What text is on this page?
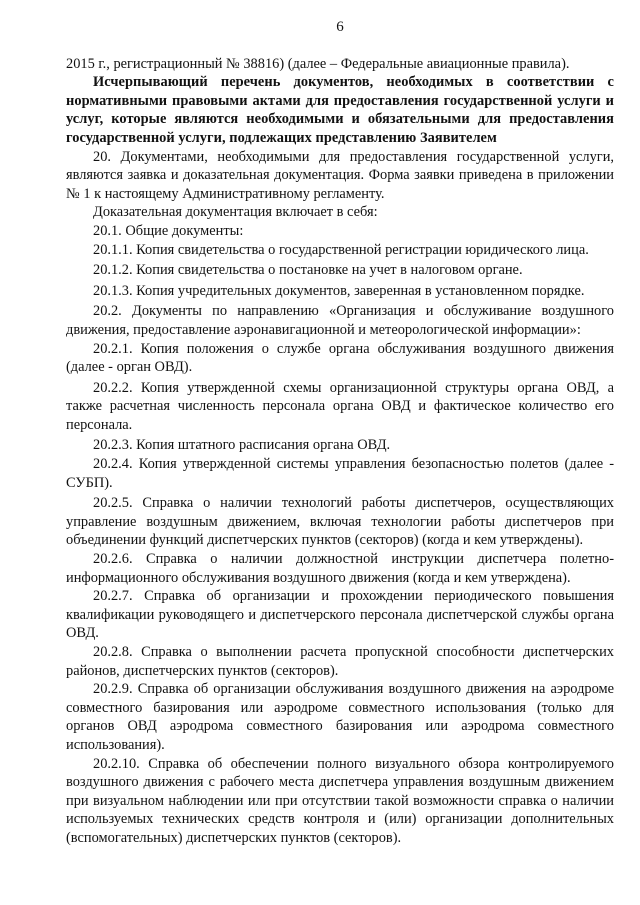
6

2015 г., регистрационный № 38816) (далее – Федеральные авиационные правила).

Исчерпывающий перечень документов, необходимых в соответствии с нормативными правовыми актами для предоставления государственной услуги и услуг, которые являются необходимыми и обязательными для предоставления государственной услуги, подлежащих представлению Заявителем

20. Документами, необходимыми для предоставления государственной услуги, являются заявка и доказательная документация. Форма заявки приведена в приложении № 1 к настоящему Административному регламенту.

Доказательная документация включает в себя:

20.1. Общие документы:

20.1.1. Копия свидетельства о государственной регистрации юридического лица.

20.1.2. Копия свидетельства о постановке на учет в налоговом органе.

20.1.3. Копия учредительных документов, заверенная в установленном порядке.

20.2. Документы по направлению «Организация и обслуживание воздушного движения, предоставление аэронавигационной и метеорологической информации»:

20.2.1. Копия положения о службе органа обслуживания воздушного движения (далее - орган ОВД).

20.2.2. Копия утвержденной схемы организационной структуры органа ОВД, а также расчетная численность персонала органа ОВД и фактическое количество его персонала.

20.2.3. Копия штатного расписания органа ОВД.

20.2.4. Копия утвержденной системы управления безопасностью полетов (далее - СУБП).

20.2.5. Справка о наличии технологий работы диспетчеров, осуществляющих управление воздушным движением, включая технологии работы диспетчеров при объединении функций диспетчерских пунктов (секторов) (когда и кем утверждены).

20.2.6. Справка о наличии должностной инструкции диспетчера полетно-информационного обслуживания воздушного движения (когда и кем утверждена).

20.2.7. Справка об организации и прохождении периодического повышения квалификации руководящего и диспетчерского персонала диспетчерской службы органа ОВД.

20.2.8. Справка о выполнении расчета пропускной способности диспетчерских районов, диспетчерских пунктов (секторов).

20.2.9. Справка об организации обслуживания воздушного движения на аэродроме совместного базирования или аэродроме совместного использования (только для органов ОВД аэродрома совместного базирования или аэродрома совместного использования).

20.2.10. Справка об обеспечении полного визуального обзора контролируемого воздушного движения с рабочего места диспетчера управления воздушным движением при визуальном наблюдении или при отсутствии такой возможности справка о наличии используемых технических средств контроля и (или) организации дополнительных (вспомогательных) диспетчерских пунктов (секторов).
